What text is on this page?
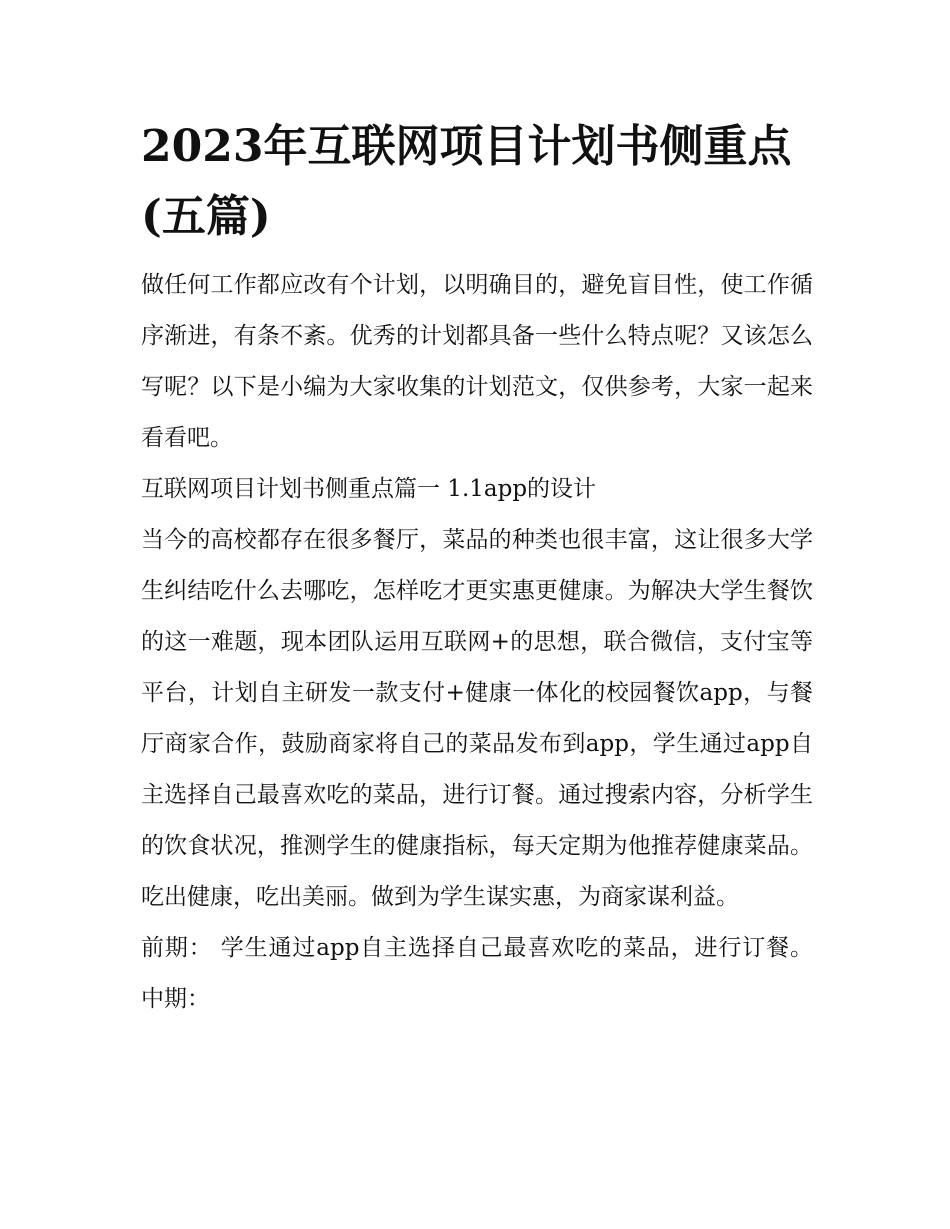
2023年互联网项目计划书侧重点(五篇)

做任何工作都应改有个计划，以明确目的，避免盲目性，使工作循序渐进，有条不紊。优秀的计划都具备一些什么特点呢？又该怎么写呢？以下是小编为大家收集的计划范文，仅供参考，大家一起来看看吧。

互联网项目计划书侧重点篇一 1.1app的设计

当今的高校都存在很多餐厅，菜品的种类也很丰富，这让很多大学生纠结吃什么去哪吃，怎样吃才更实惠更健康。为解决大学生餐饮的这一难题，现本团队运用互联网+的思想，联合微信，支付宝等平台，计划自主研发一款支付+健康一体化的校园餐饮app，与餐厅商家合作，鼓励商家将自己的菜品发布到app，学生通过app自主选择自己最喜欢吃的菜品，进行订餐。通过搜索内容，分析学生的饮食状况，推测学生的健康指标，每天定期为他推荐健康菜品。吃出健康，吃出美丽。做到为学生谋实惠，为商家谋利益。

前期： 学生通过app自主选择自己最喜欢吃的菜品，进行订餐。 中期：
